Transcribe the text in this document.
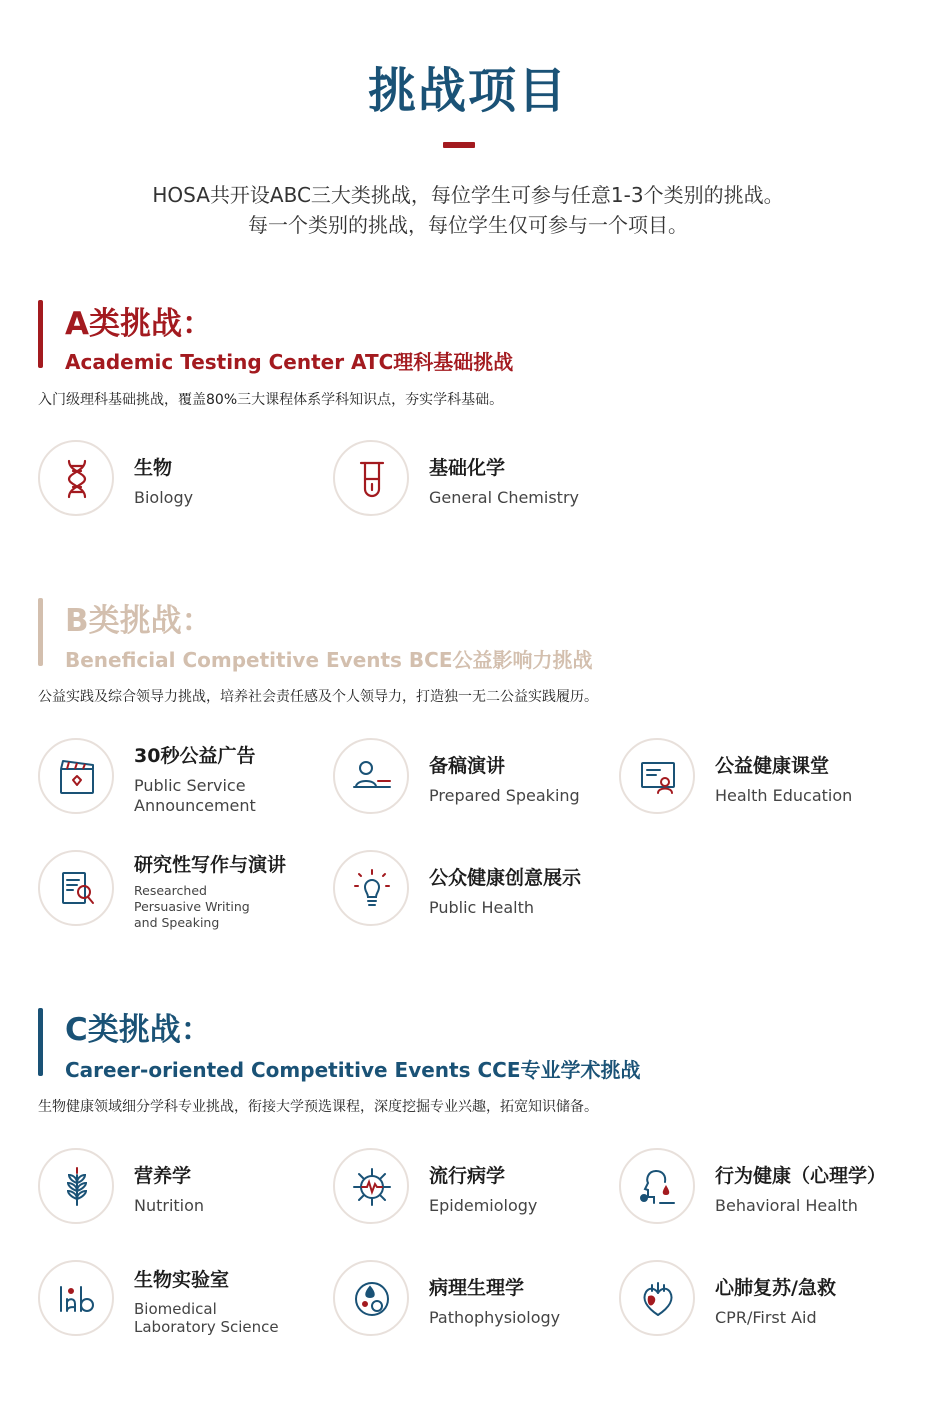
挑战项目
HOSA共开设ABC三大类挑战，每位学生可参与任意1-3个类别的挑战。
每一个类别的挑战，每位学生仅可参与一个项目。
A类挑战：
Academic Testing Center ATC理科基础挑战
入门级理科基础挑战，覆盖80%三大课程体系学科知识点，夯实学科基础。
生物
Biology
基础化学
General Chemistry
B类挑战：
Beneficial Competitive Events BCE公益影响力挑战
公益实践及综合领导力挑战，培养社会责任感及个人领导力，打造独一无二公益实践履历。
30秒公益广告
Public Service Announcement
备稿演讲
Prepared Speaking
公益健康课堂
Health Education
研究性写作与演讲
Researched Persuasive Writing and Speaking
公众健康创意展示
Public Health
C类挑战：
Career-oriented Competitive Events CCE专业学术挑战
生物健康领域细分学科专业挑战，衔接大学预选课程，深度挖掘专业兴趣，拓宽知识储备。
营养学
Nutrition
流行病学
Epidemiology
行为健康（心理学）
Behavioral Health
生物实验室
Biomedical Laboratory Science
病理生理学
Pathophysiology
心肺复苏/急救
CPR/First Aid
